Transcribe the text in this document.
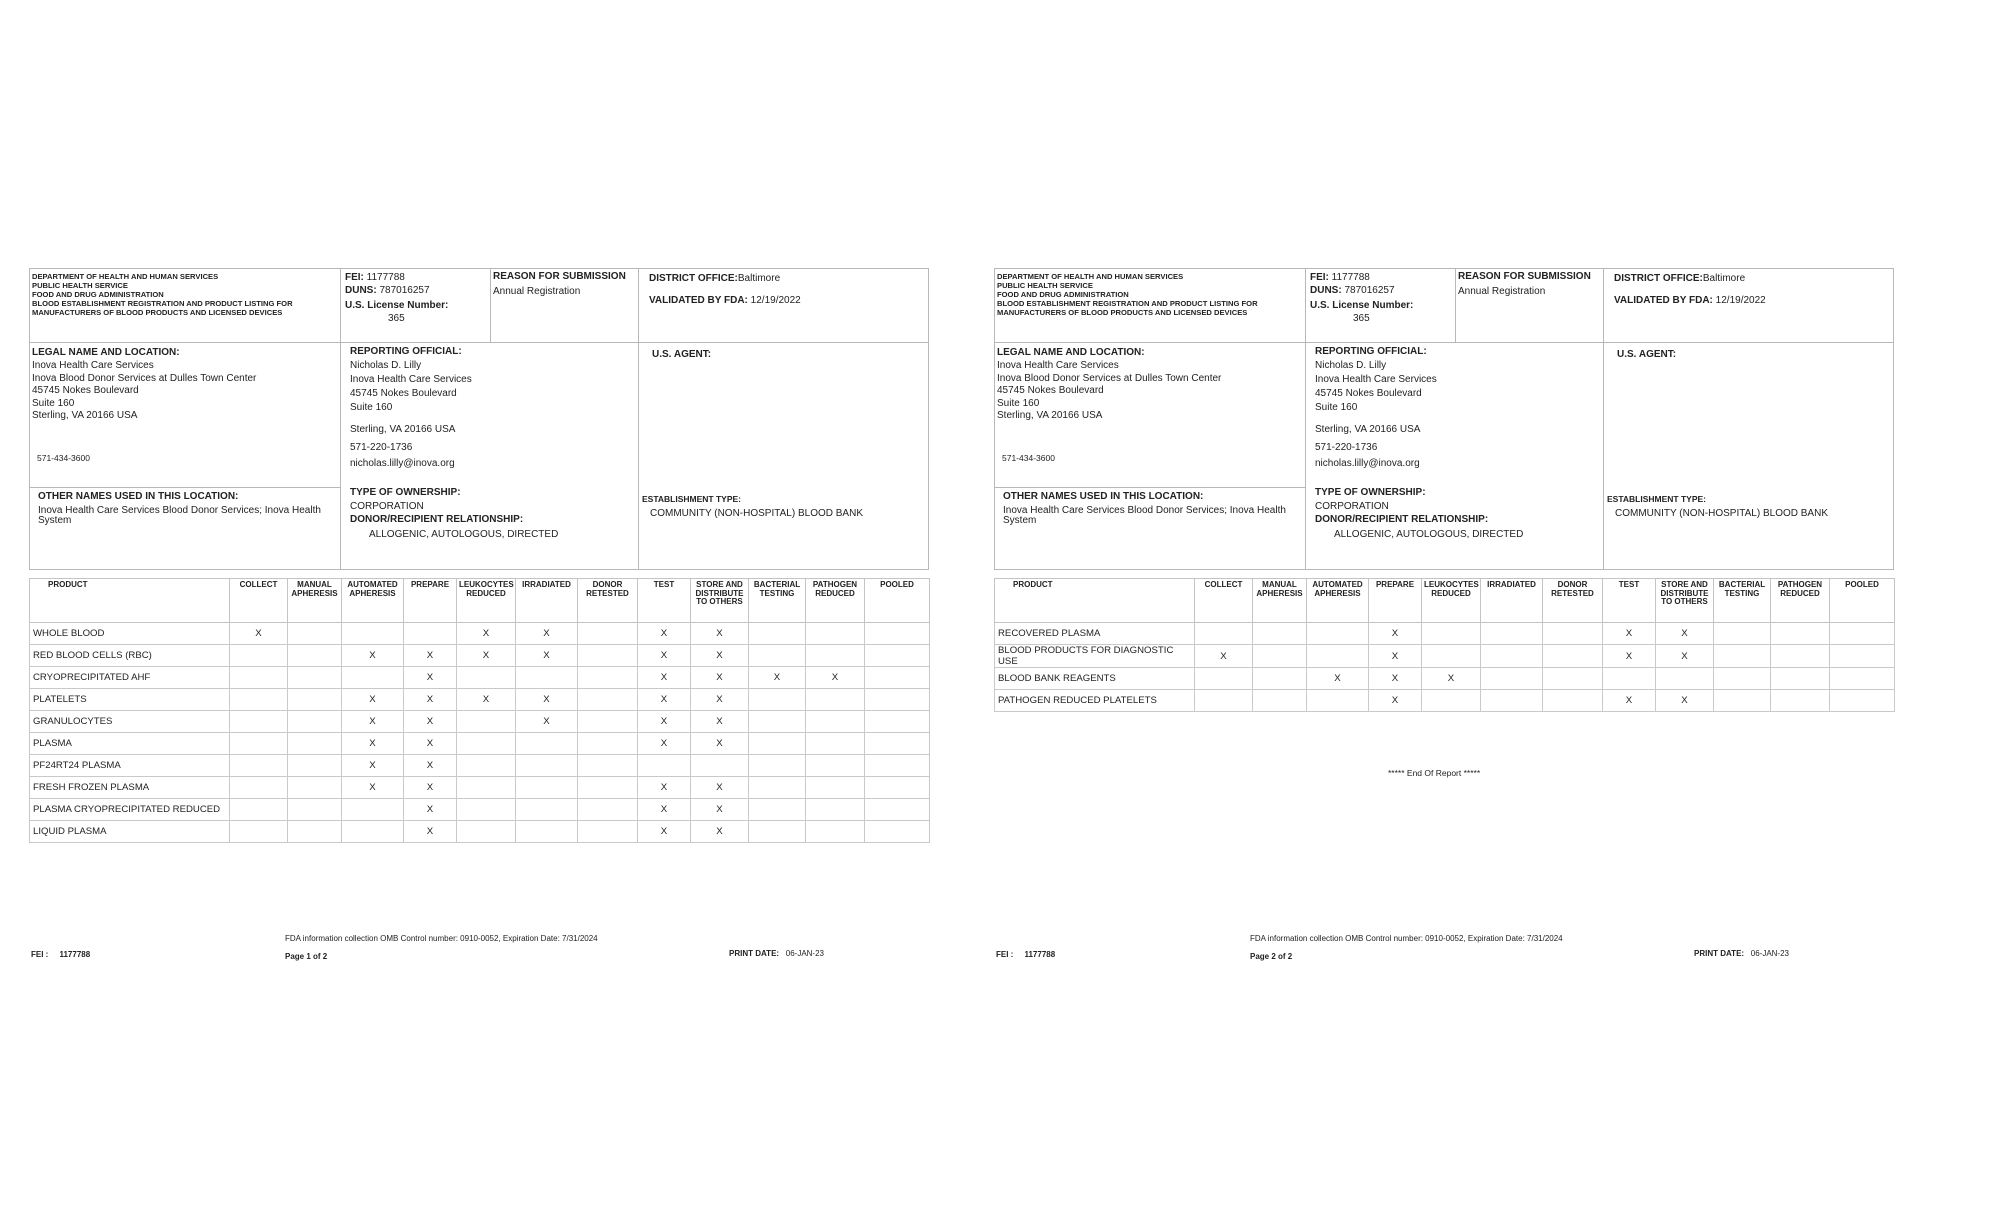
DEPARTMENT OF HEALTH AND HUMAN SERVICES
PUBLIC HEALTH SERVICE
FOOD AND DRUG ADMINISTRATION
BLOOD ESTABLISHMENT REGISTRATION AND PRODUCT LISTING FOR
MANUFACTURERS OF BLOOD PRODUCTS AND LICENSED DEVICES
FEI: 1177788
DUNS: 787016257
U.S. License Number:
365
REASON FOR SUBMISSION
Annual Registration
DISTRICT OFFICE:Baltimore
VALIDATED BY FDA: 12/19/2022
LEGAL NAME AND LOCATION:
Inova Health Care Services
Inova Blood Donor Services at Dulles Town Center
45745 Nokes Boulevard
Suite 160
Sterling, VA 20166 USA
571-434-3600
REPORTING OFFICIAL:
Nicholas D. Lilly
Inova Health Care Services
45745 Nokes Boulevard
Suite 160
Sterling, VA 20166 USA
571-220-1736
nicholas.lilly@inova.org
U.S. AGENT:
OTHER NAMES USED IN THIS LOCATION:
Inova Health Care Services Blood Donor Services; Inova Health
System
TYPE OF OWNERSHIP:
CORPORATION
DONOR/RECIPIENT RELATIONSHIP:
ALLOGENIC, AUTOLOGOUS, DIRECTED
ESTABLISHMENT TYPE:
COMMUNITY (NON-HOSPITAL) BLOOD BANK
PRODUCT	COLLECT	MANUAL APHERESIS	AUTOMATED APHERESIS	PREPARE	LEUKOCYTES REDUCED	IRRADIATED	DONOR RETESTED	TEST	STORE AND DISTRIBUTE TO OTHERS	BACTERIAL TESTING	PATHOGEN REDUCED	POOLED
WHOLE BLOOD	X				X	X		X	X			
RED BLOOD CELLS (RBC)			X	X	X	X		X	X			
CRYOPRECIPITATED AHF				X				X	X	X	X	
PLATELETS			X	X	X	X		X	X			
GRANULOCYTES			X	X		X		X	X			
PLASMA			X	X				X	X			
PF24RT24 PLASMA			X	X								
FRESH FROZEN PLASMA			X	X				X	X			
PLASMA CRYOPRECIPITATED REDUCED				X				X	X			
LIQUID PLASMA				X				X	X			
FDA information collection OMB Control number: 0910-0052, Expiration Date: 7/31/2024
FEI : 1177788	Page 1 of 2	PRINT DATE: 06-JAN-23
DEPARTMENT OF HEALTH AND HUMAN SERVICES
PUBLIC HEALTH SERVICE
FOOD AND DRUG ADMINISTRATION
BLOOD ESTABLISHMENT REGISTRATION AND PRODUCT LISTING FOR
MANUFACTURERS OF BLOOD PRODUCTS AND LICENSED DEVICES
FEI: 1177788
DUNS: 787016257
U.S. License Number:
365
REASON FOR SUBMISSION
Annual Registration
DISTRICT OFFICE:Baltimore
VALIDATED BY FDA: 12/19/2022
LEGAL NAME AND LOCATION:
Inova Health Care Services
Inova Blood Donor Services at Dulles Town Center
45745 Nokes Boulevard
Suite 160
Sterling, VA 20166 USA
571-434-3600
REPORTING OFFICIAL:
Nicholas D. Lilly
Inova Health Care Services
45745 Nokes Boulevard
Suite 160
Sterling, VA 20166 USA
571-220-1736
nicholas.lilly@inova.org
U.S. AGENT:
OTHER NAMES USED IN THIS LOCATION:
Inova Health Care Services Blood Donor Services; Inova Health
System
TYPE OF OWNERSHIP:
CORPORATION
DONOR/RECIPIENT RELATIONSHIP:
ALLOGENIC, AUTOLOGOUS, DIRECTED
ESTABLISHMENT TYPE:
COMMUNITY (NON-HOSPITAL) BLOOD BANK
PRODUCT	COLLECT	MANUAL APHERESIS	AUTOMATED APHERESIS	PREPARE	LEUKOCYTES REDUCED	IRRADIATED	DONOR RETESTED	TEST	STORE AND DISTRIBUTE TO OTHERS	BACTERIAL TESTING	PATHOGEN REDUCED	POOLED
RECOVERED PLASMA				X				X	X			
BLOOD PRODUCTS FOR DIAGNOSTIC USE	X			X				X	X			
BLOOD BANK REAGENTS			X	X	X							
PATHOGEN REDUCED PLATELETS				X				X	X			
***** End Of Report *****
FDA information collection OMB Control number: 0910-0052, Expiration Date: 7/31/2024
FEI : 1177788	Page 2 of 2	PRINT DATE: 06-JAN-23
